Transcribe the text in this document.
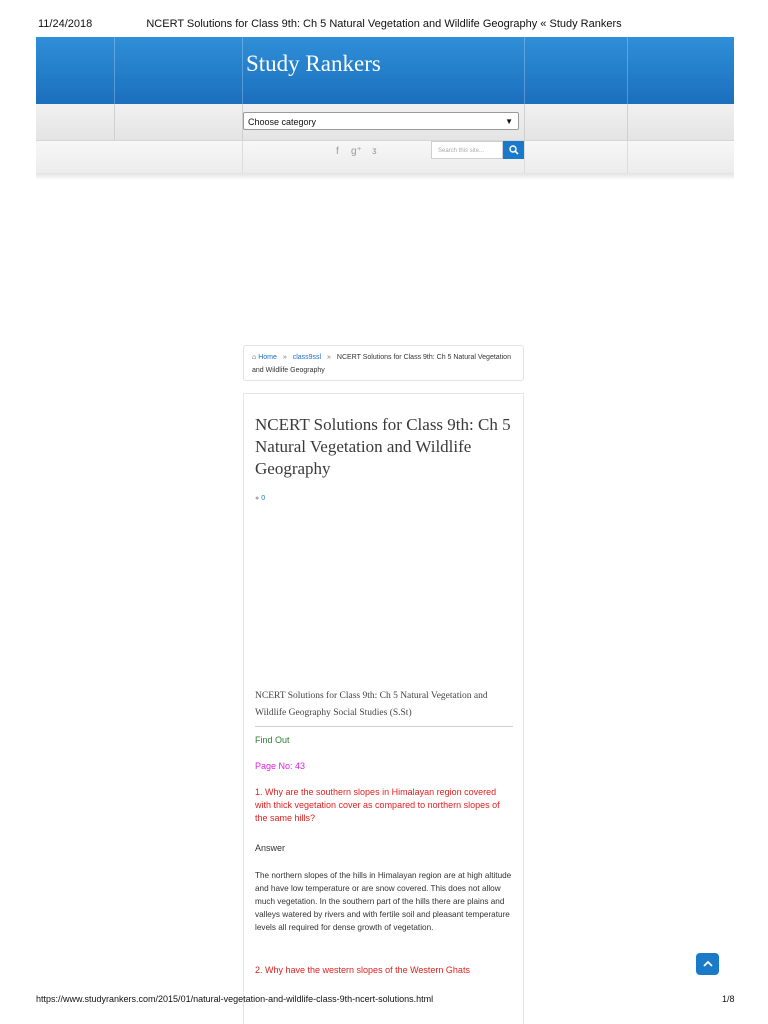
11/24/2018	NCERT Solutions for Class 9th: Ch 5 Natural Vegetation and Wildlife Geography « Study Rankers
Study Rankers
Choose category	▼
f g⁺ ᴣ	Search this site...
⌂ Home » class9ssl » NCERT Solutions for Class 9th: Ch 5 Natural Vegetation and Wildlife Geography
NCERT Solutions for Class 9th: Ch 5 Natural Vegetation and Wildlife Geography
● 0
NCERT Solutions for Class 9th: Ch 5 Natural Vegetation and Wildlife Geography Social Studies (S.St)
Find Out
Page No: 43
1. Why are the southern slopes in Himalayan region covered with thick vegetation cover as compared to northern slopes of the same hills?
Answer
The northern slopes of the hills in Himalayan region are at high altitude and have low temperature or are snow covered. This does not allow much vegetation. In the southern part of the hills there are plains and valleys watered by rivers and with fertile soil and pleasant temperature levels all required for dense growth of vegetation.
2. Why have the western slopes of the Western Ghats
https://www.studyrankers.com/2015/01/natural-vegetation-and-wildlife-class-9th-ncert-solutions.html	1/8
